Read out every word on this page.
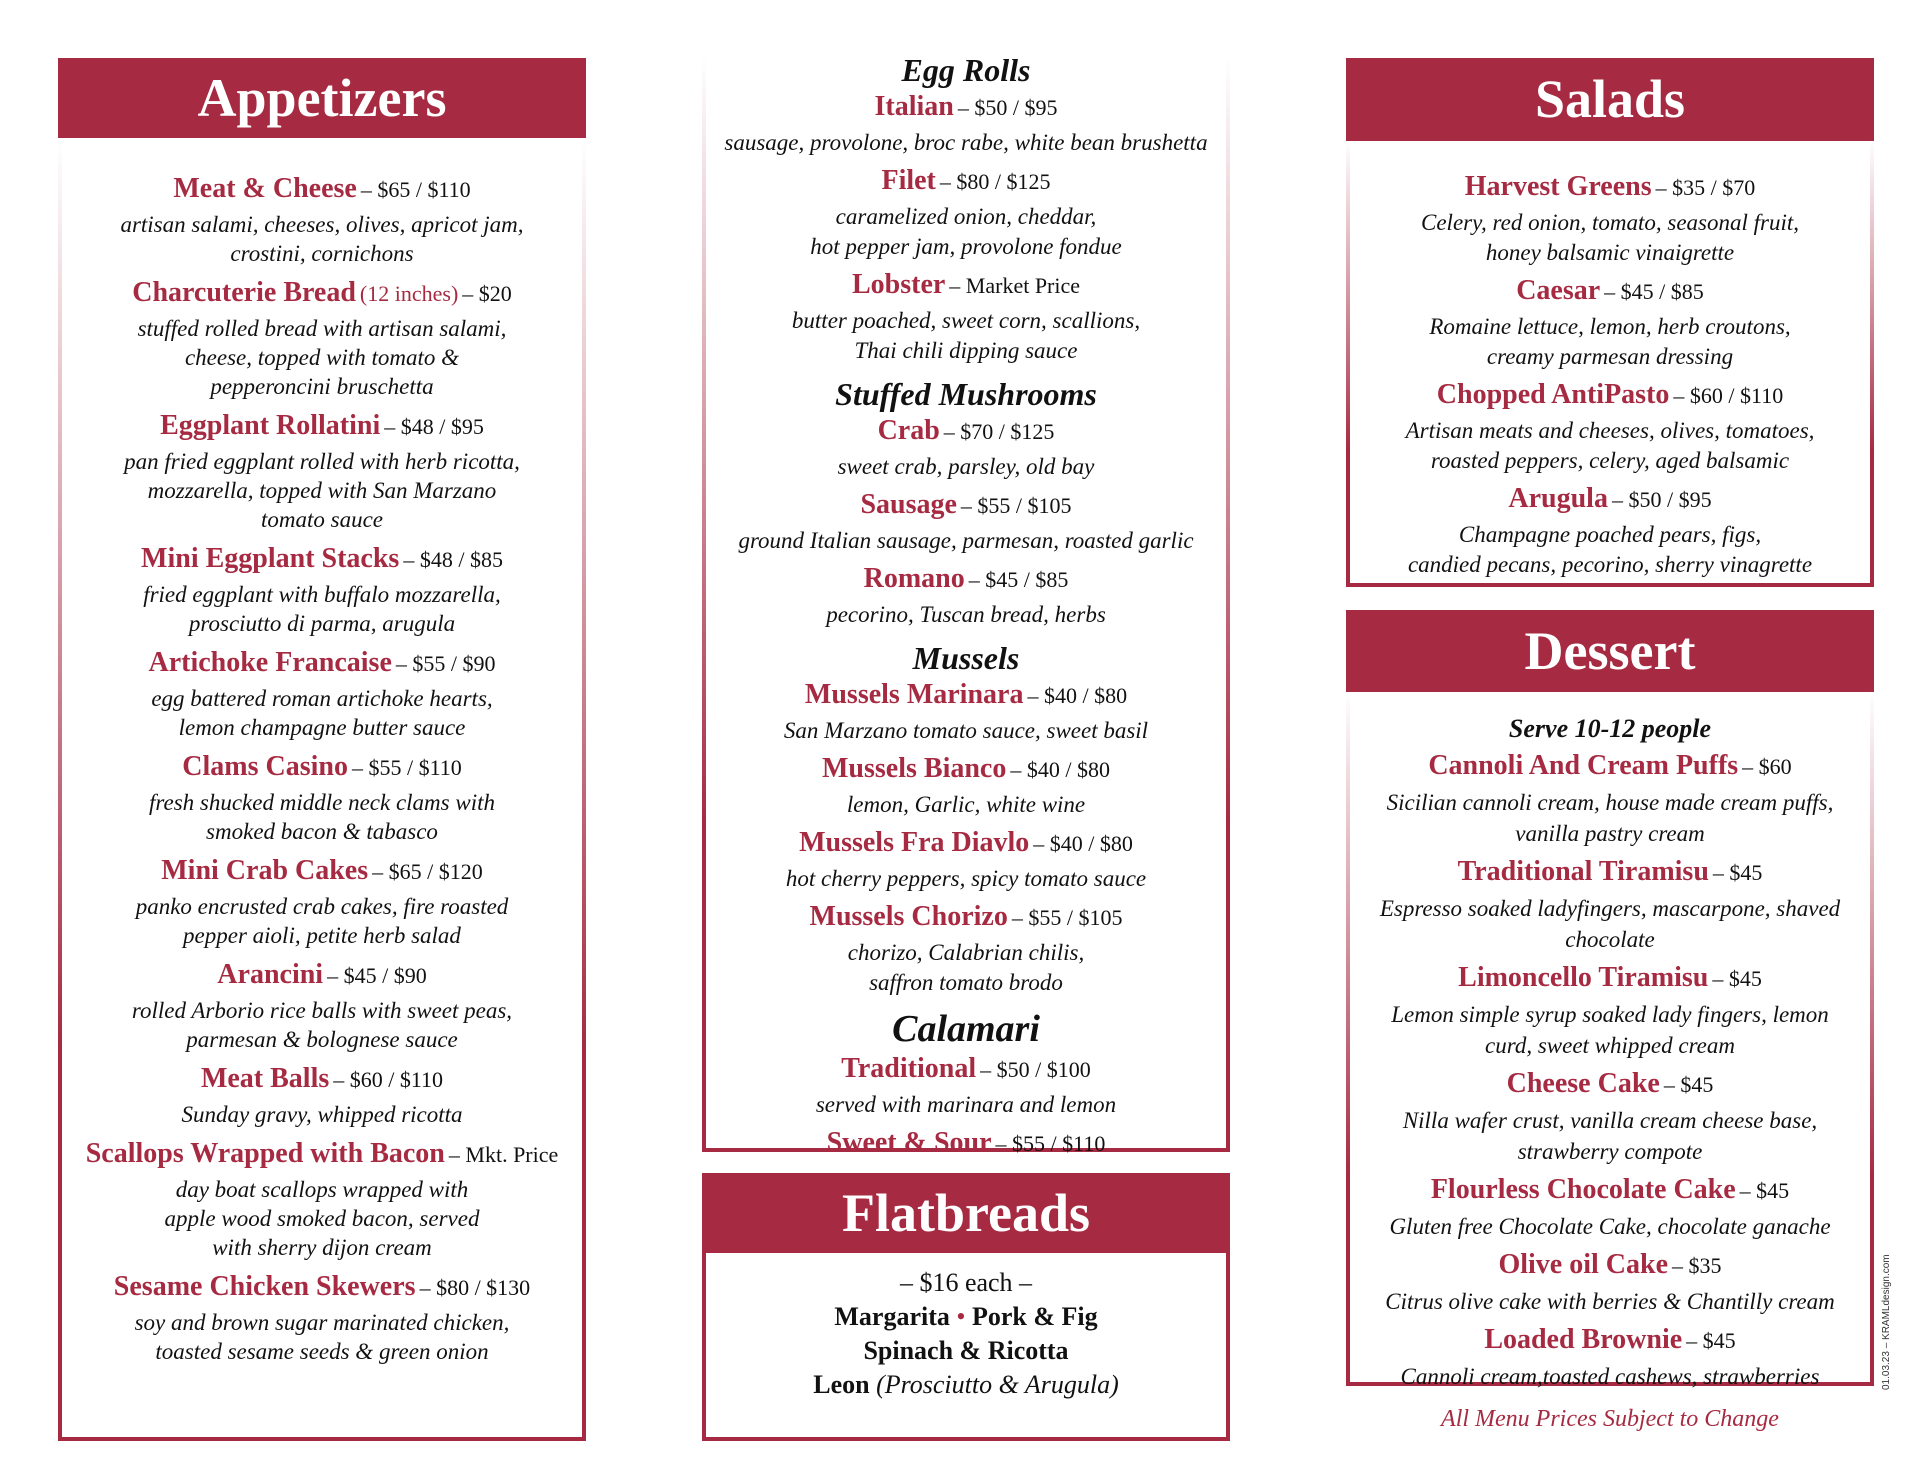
Appetizers
Meat & Cheese – $65 / $110
artisan salami, cheeses, olives, apricot jam,
crostini, cornichons
Charcuterie Bread (12 inches) – $20
stuffed rolled bread with artisan salami,
cheese, topped with tomato &
pepperoncini bruschetta
Eggplant Rollatini – $48 / $95
pan fried eggplant rolled with herb ricotta,
mozzarella, topped with San Marzano
tomato sauce
Mini Eggplant Stacks – $48 / $85
fried eggplant with buffalo mozzarella,
prosciutto di parma, arugula
Artichoke Francaise – $55 / $90
egg battered roman artichoke hearts,
lemon champagne butter sauce
Clams Casino – $55 / $110
fresh shucked middle neck clams with
smoked bacon & tabasco
Mini Crab Cakes – $65 / $120
panko encrusted crab cakes, fire roasted
pepper aioli, petite herb salad
Arancini – $45 / $90
rolled Arborio rice balls with sweet peas,
parmesan & bolognese sauce
Meat Balls – $60 / $110
Sunday gravy, whipped ricotta
Scallops Wrapped with Bacon – Mkt. Price
day boat scallops wrapped with
apple wood smoked bacon, served
with sherry dijon cream
Sesame Chicken Skewers – $80 / $130
soy and brown sugar marinated chicken,
toasted sesame seeds & green onion
Egg Rolls
Italian – $50 / $95
sausage, provolone, broc rabe, white bean brushetta
Filet – $80 / $125
caramelized onion, cheddar,
hot pepper jam, provolone fondue
Lobster – Market Price
butter poached, sweet corn, scallions,
Thai chili dipping sauce
Stuffed Mushrooms
Crab – $70 / $125
sweet crab, parsley, old bay
Sausage – $55 / $105
ground Italian sausage, parmesan, roasted garlic
Romano – $45 / $85
pecorino, Tuscan bread, herbs
Mussels
Mussels Marinara – $40 / $80
San Marzano tomato sauce, sweet basil
Mussels Bianco – $40 / $80
lemon, Garlic, white wine
Mussels Fra Diavlo – $40 / $80
hot cherry peppers, spicy tomato sauce
Mussels Chorizo – $55 / $105
chorizo, Calabrian chilis,
saffron tomato brodo
Calamari
Traditional – $50 / $100
served with marinara and lemon
Sweet & Sour – $55 / $110
Flatbreads
– $16 each –
Margarita • Pork & Fig
Spinach & Ricotta
Leon (Prosciutto & Arugula)
Salads
Harvest Greens – $35 / $70
Celery, red onion, tomato, seasonal fruit,
honey balsamic vinaigrette
Caesar – $45 / $85
Romaine lettuce, lemon, herb croutons,
creamy parmesan dressing
Chopped AntiPasto – $60 / $110
Artisan meats and cheeses, olives, tomatoes,
roasted peppers, celery, aged balsamic
Arugula – $50 / $95
Champagne poached pears, figs,
candied pecans, pecorino, sherry vinagrette
Dessert
Serve 10-12 people
Cannoli And Cream Puffs – $60
Sicilian cannoli cream, house made cream puffs,
vanilla pastry cream
Traditional Tiramisu – $45
Espresso soaked ladyfingers, mascarpone, shaved
chocolate
Limoncello Tiramisu – $45
Lemon simple syrup soaked lady fingers, lemon
curd, sweet whipped cream
Cheese Cake – $45
Nilla wafer crust, vanilla cream cheese base,
strawberry compote
Flourless Chocolate Cake – $45
Gluten free Chocolate Cake, chocolate ganache
Olive oil Cake – $35
Citrus olive cake with berries & Chantilly cream
Loaded Brownie – $45
Cannoli cream,toasted cashews, strawberries
All Menu Prices Subject to Change
01.03.23 – KRAMLdesign.com
